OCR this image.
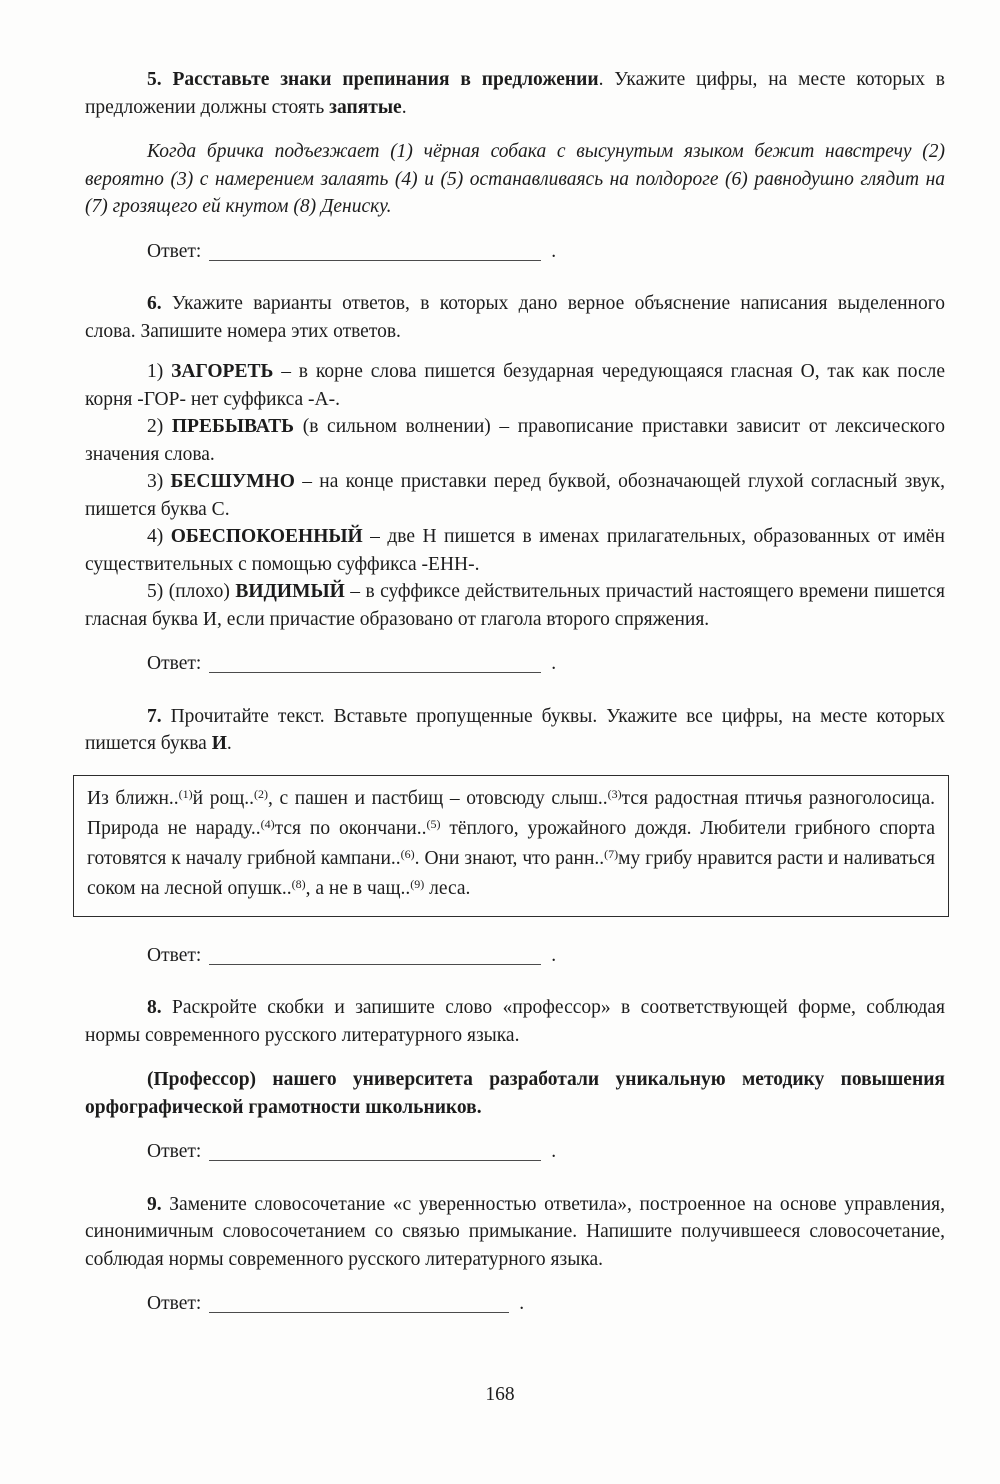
5. Расставьте знаки препинания в предложении. Укажите цифры, на месте которых в предложении должны стоять запятые.

Когда бричка подъезжает (1) чёрная собака с высунутым языком бежит навстречу (2) вероятно (3) с намерением залаять (4) и (5) останавливаясь на полдороге (6) равнодушно глядит на (7) грозящего ей кнутом (8) Дениску.

Ответ:	.

6. Укажите варианты ответов, в которых дано верное объяснение написания выделенного слова. Запишите номера этих ответов.

1) ЗАГОРЕТЬ – в корне слова пишется безударная чередующаяся гласная О, так как после корня -ГОР- нет суффикса -А-.

2) ПРЕБЫВАТЬ (в сильном волнении) – правописание приставки зависит от лексического значения слова.

3) БЕСШУМНО – на конце приставки перед буквой, обозначающей глухой согласный звук, пишется буква С.

4) ОБЕСПОКОЕННЫЙ – две Н пишется в именах прилагательных, образованных от имён существительных с помощью суффикса -ЕНН-.

5) (плохо) ВИДИМЫЙ – в суффиксе действительных причастий настоящего времени пишется гласная буква И, если причастие образовано от глагола второго спряжения.

Ответ:	.

7. Прочитайте текст. Вставьте пропущенные буквы. Укажите все цифры, на месте которых пишется буква И.

Из ближн..$^{(1)}$й рощ..$^{(2)}$, с пашен и пастбищ – отовсюду слыш..$^{(3)}$тся радостная птичья разноголосица. Природа не нараду..$^{(4)}$тся по окончани..$^{(5)}$ тёплого, урожайного дождя. Любители грибного спорта готовятся к началу грибной кампани..$^{(6)}$. Они знают, что ранн..$^{(7)}$му грибу нравится расти и наливаться соком на лесной опушк..$^{(8)}$, а не в чащ..$^{(9)}$ леса.

Ответ:	.

8. Раскройте скобки и запишите слово «профессор» в соответствующей форме, соблюдая нормы современного русского литературного языка.

(Профессор) нашего университета разработали уникальную методику повышения орфографической грамотности школьников.

Ответ:	.

9. Замените словосочетание «с уверенностью ответила», построенное на основе управления, синонимичным словосочетанием со связью примыкание. Напишите получившееся словосочетание, соблюдая нормы современного русского литературного языка.

Ответ:	.

168
